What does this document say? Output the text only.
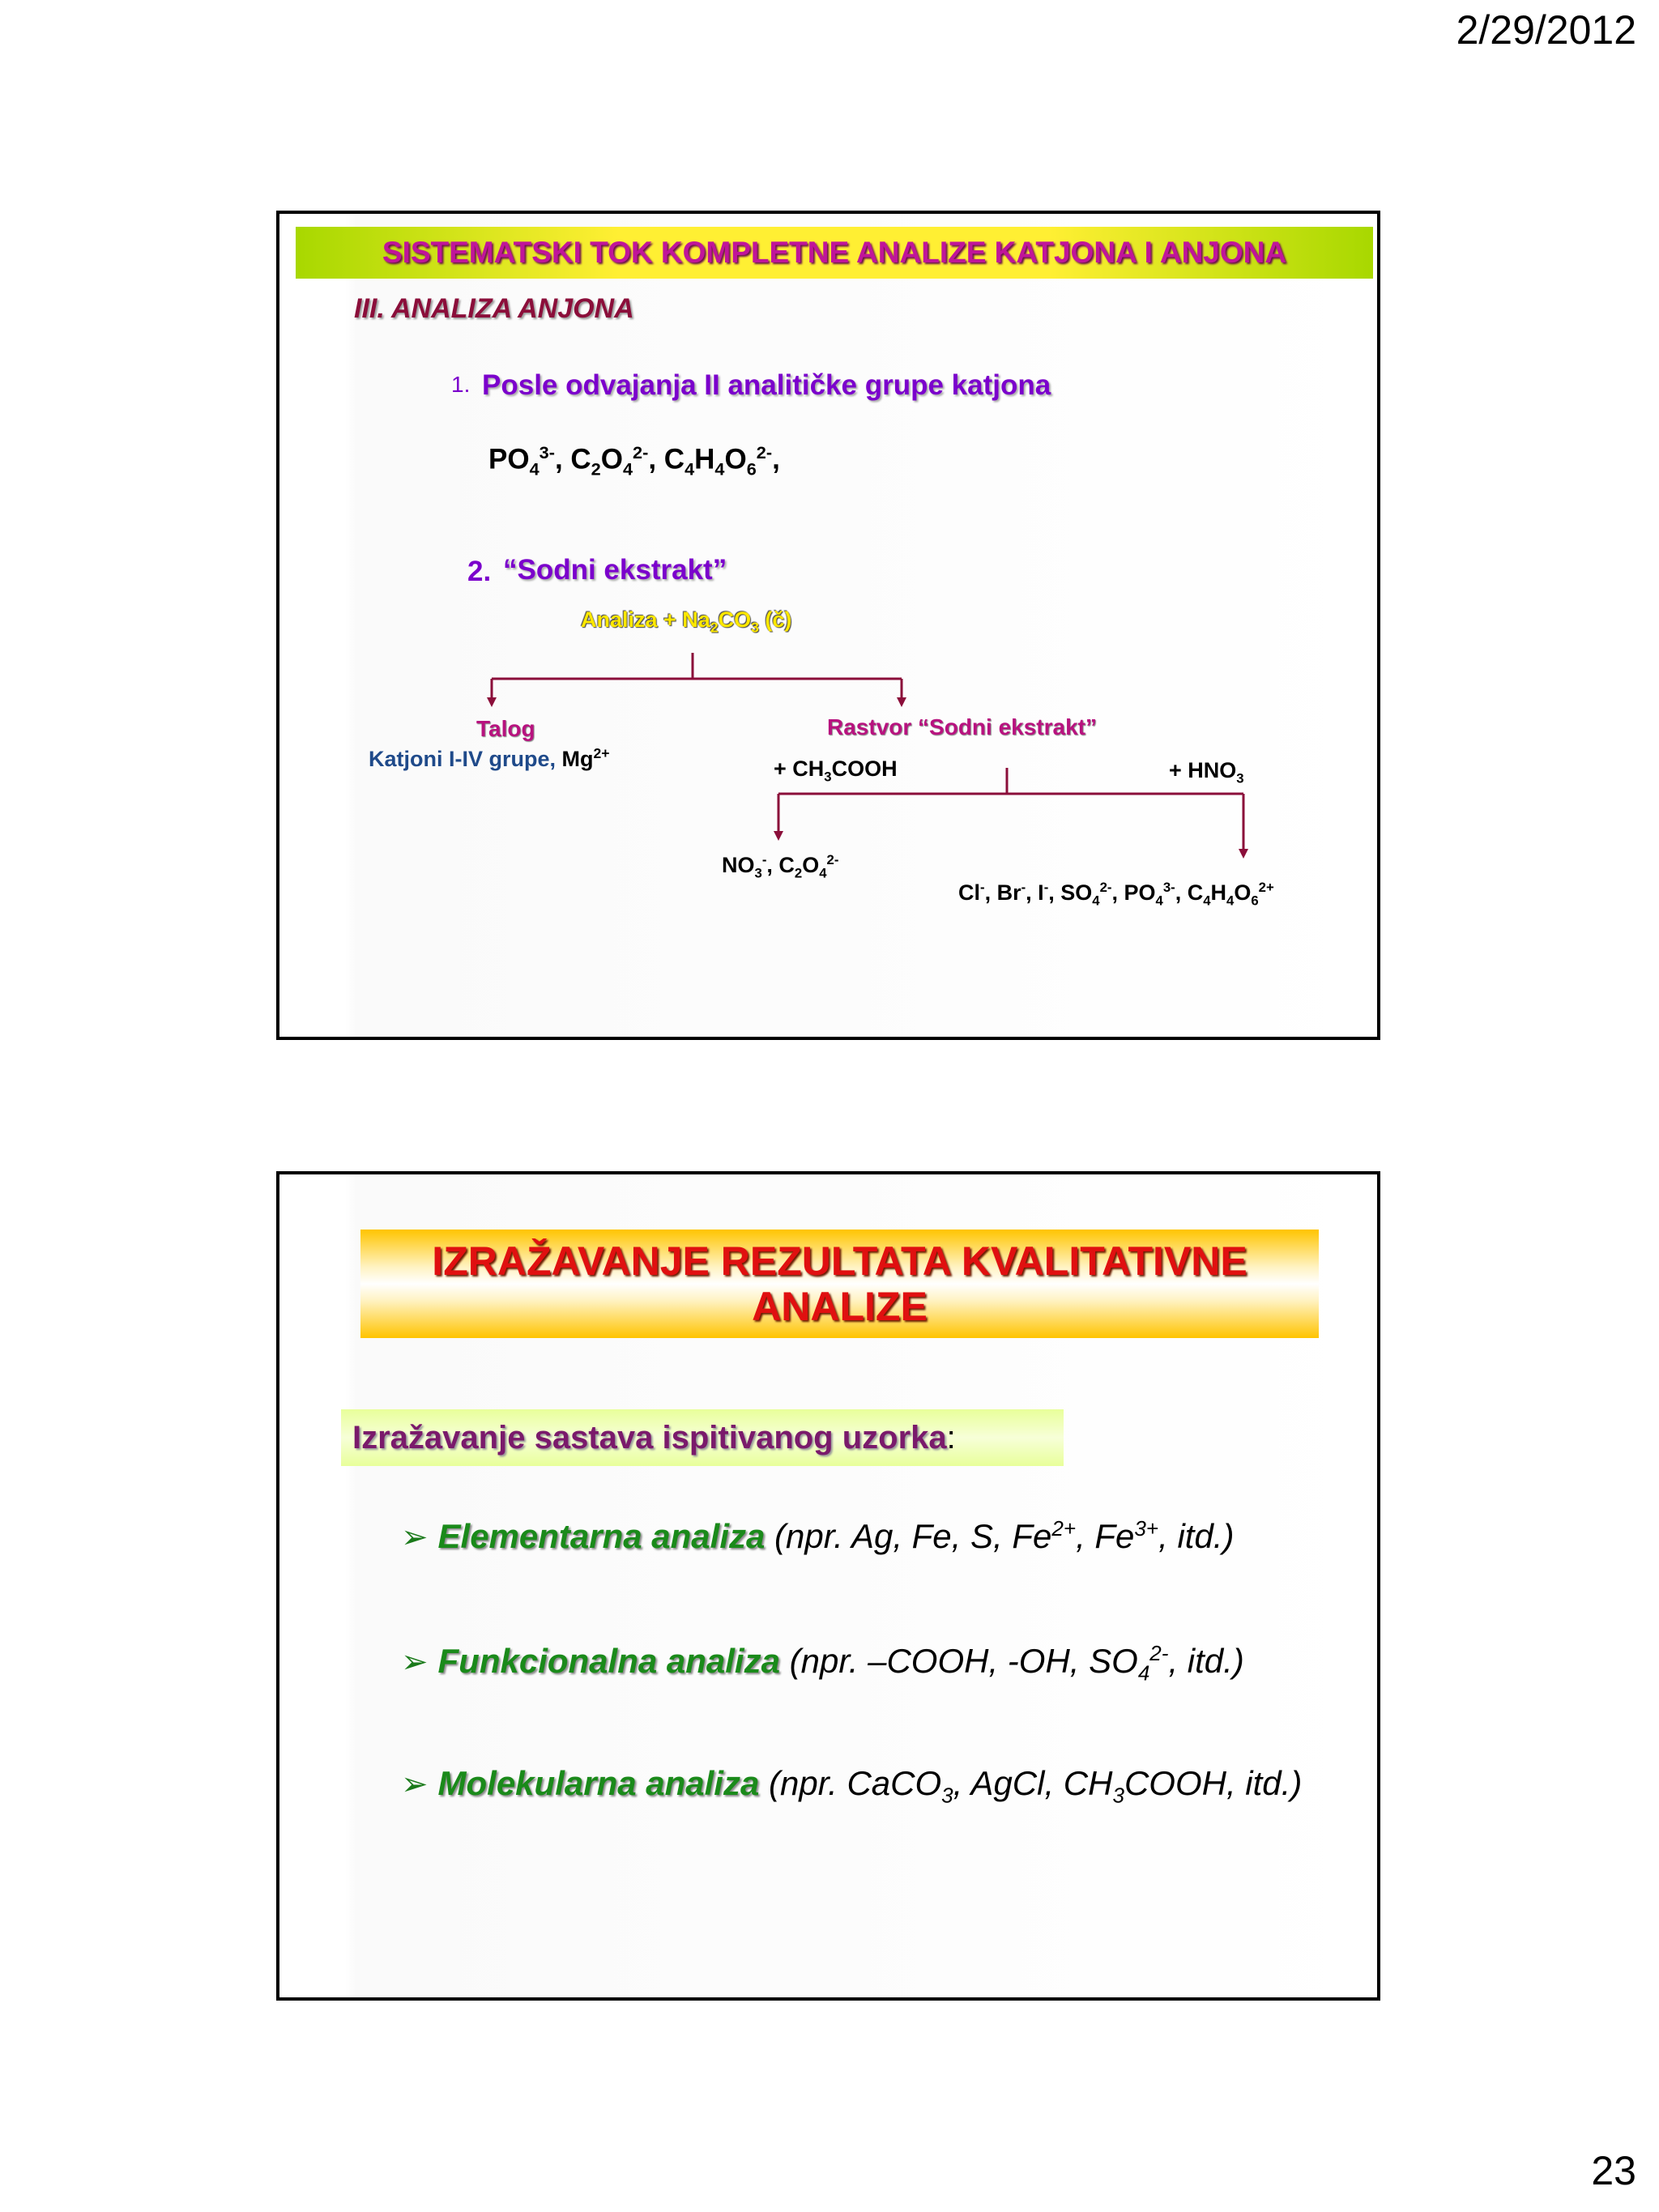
2/29/2012
SISTEMATSKI TOK KOMPLETNE ANALIZE KATJONA I ANJONA
III. ANALIZA ANJONA
1. Posle odvajanja II analitičke grupe katjona
$PO_4^{3-}$, $C_2O_4^{2-}$, $C_4H_4O_6^{2-}$,
2. “Sodni ekstrakt”
Analiza + $Na_2CO_3$ (č)
Talog
Katjoni I-IV grupe, $Mg^{2+}$
Rastvor “Sodni ekstrakt”
+ $CH_3COOH$	+ $HNO_3$
$NO_3^-$, $C_2O_4^{2-}$
Cl-, Br-, I-, $SO_4^{2-}$, $PO_4^{3-}$, $C_4H_4O_6^{2+}$
IZRAŽAVANJE REZULTATA KVALITATIVNE
ANALIZE
Izražavanje sastava ispitivanog uzorka:
➢ Elementarna analiza (npr. Ag, Fe, S, $Fe^{2+}$, $Fe^{3+}$, itd.)
➢ Funkcionalna analiza (npr. –COOH, -OH, $SO_4^{2-}$, itd.)
➢ Molekularna analiza (npr. CaCO$_3$, AgCl, $CH_3COOH$, itd.)
23
